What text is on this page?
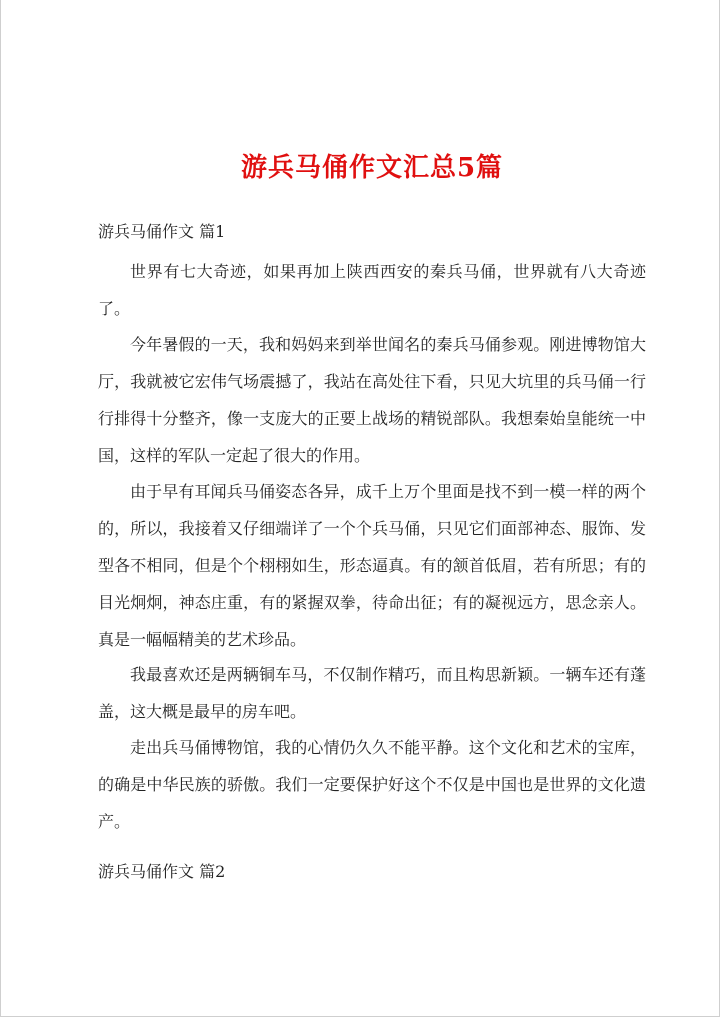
游兵马俑作文汇总5篇
游兵马俑作文 篇1

世界有七大奇迹，如果再加上陕西西安的秦兵马俑，世界就有八大奇迹了。

今年暑假的一天，我和妈妈来到举世闻名的秦兵马俑参观。刚进博物馆大厅，我就被它宏伟气场震撼了，我站在高处往下看，只见大坑里的兵马俑一行行排得十分整齐，像一支庞大的正要上战场的精锐部队。我想秦始皇能统一中国，这样的军队一定起了很大的作用。

由于早有耳闻兵马俑姿态各异，成千上万个里面是找不到一模一样的两个的，所以，我接着又仔细端详了一个个兵马俑，只见它们面部神态、服饰、发型各不相同，但是个个栩栩如生，形态逼真。有的颔首低眉，若有所思；有的目光炯炯，神态庄重，有的紧握双拳，待命出征；有的凝视远方，思念亲人。真是一幅幅精美的艺术珍品。

我最喜欢还是两辆铜车马，不仅制作精巧，而且构思新颖。一辆车还有蓬盖，这大概是最早的房车吧。

走出兵马俑博物馆，我的心情仍久久不能平静。这个文化和艺术的宝库，的确是中华民族的骄傲。我们一定要保护好这个不仅是中国也是世界的文化遗产。

游兵马俑作文 篇2
